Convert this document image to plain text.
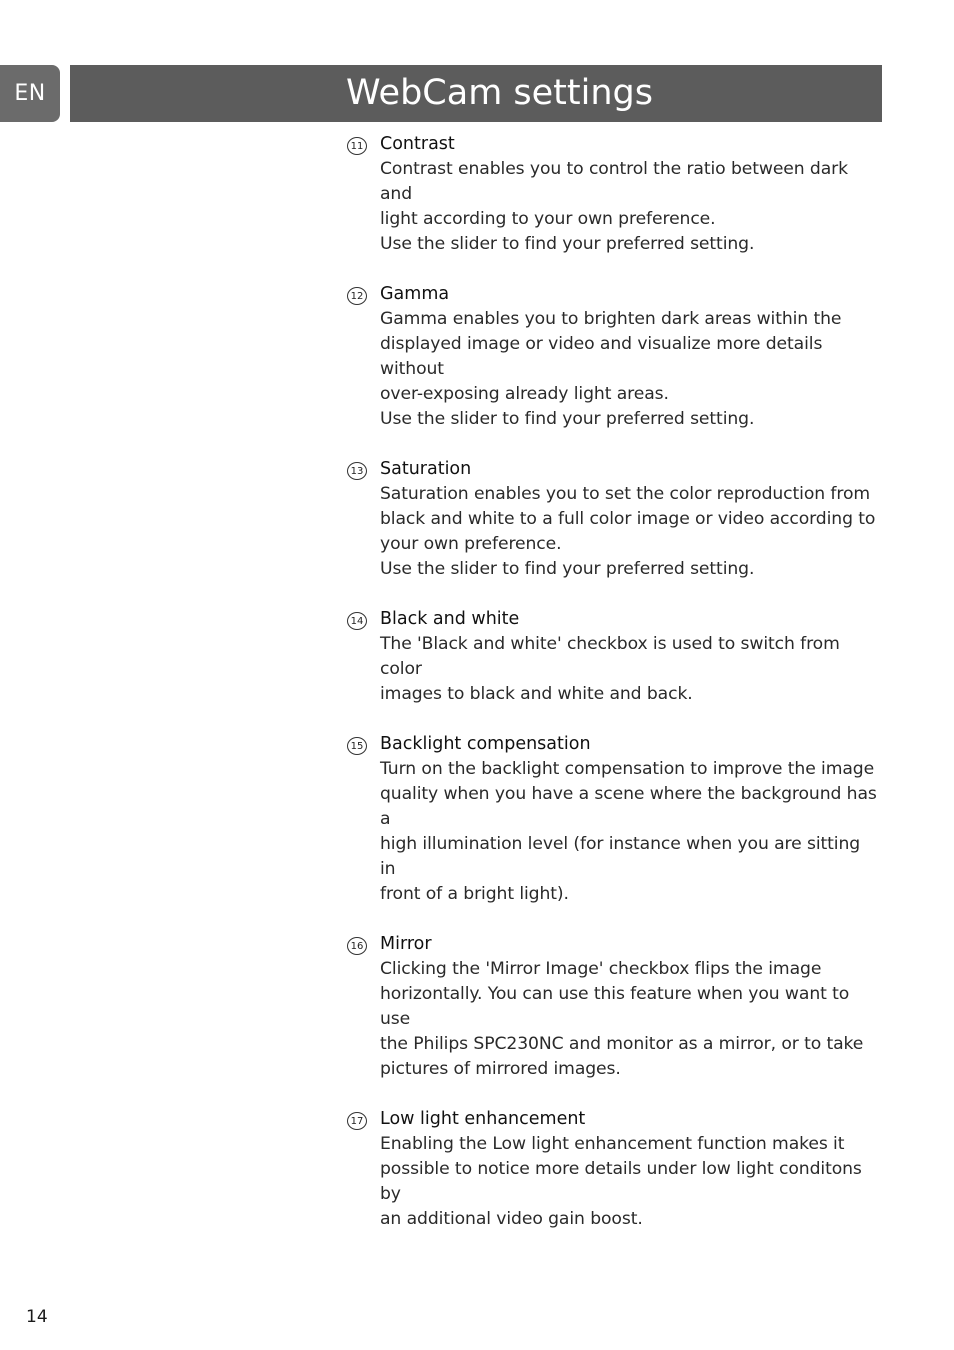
EN	WebCam settings
11 Contrast

Contrast enables you to control the ratio between dark and
light according to your own preference.
Use the slider to find your preferred setting.

12 Gamma

Gamma enables you to brighten dark areas within the
displayed image or video and visualize more details without
over-exposing already light areas.
Use the slider to find your preferred setting.

13 Saturation

Saturation enables you to set the color reproduction from
black and white to a full color image or video according to
your own preference.
Use the slider to find your preferred setting.

14 Black and white

The 'Black and white' checkbox is used to switch from color
images to black and white and back.

15 Backlight compensation

Turn on the backlight compensation to improve the image
quality when you have a scene where the background has a
high illumination level (for instance when you are sitting in
front of a bright light).

16 Mirror

Clicking the 'Mirror Image' checkbox flips the image
horizontally. You can use this feature when you want to use
the Philips SPC230NC and monitor as a mirror, or to take
pictures of mirrored images.

17 Low light enhancement

Enabling the Low light enhancement function makes it
possible to notice more details under low light conditons by
an additional video gain boost.

14
